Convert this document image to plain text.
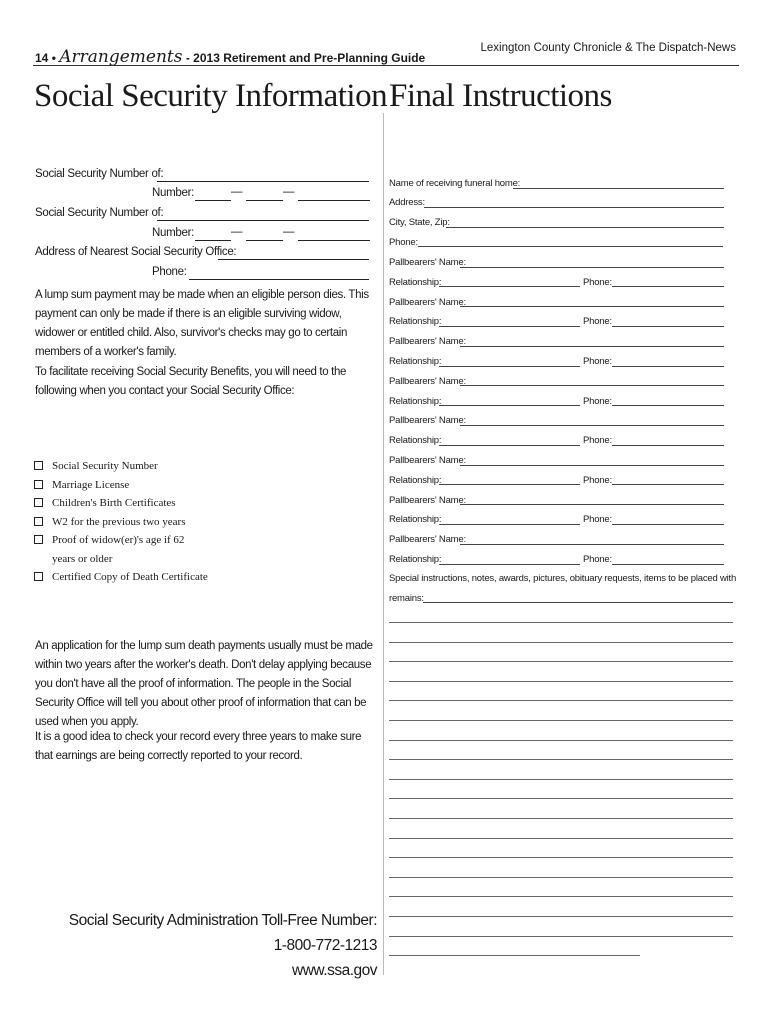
14 • Arrangements - 2013 Retirement and Pre-Planning Guide
Lexington County Chronicle & The Dispatch-News
Social Security Information Final Instructions
Social Security Number of:
Number:	—	—
Social Security Number of:
Number:	—	—
Address of Nearest Social Security Office:
Phone:
A lump sum payment may be made when an eligible person dies. This payment can only be made if there is an eligible surviving widow, widower or entitled child. Also, survivor's checks may go to certain members of a worker's family.
To facilitate receiving Social Security Benefits, you will need to the following when you contact your Social Security Office:
Social Security Number
Marriage License
Children's Birth Certificates
W2 for the previous two years
Proof of widow(er)'s age if 62
years or older
Certified Copy of Death Certificate
An application for the lump sum death payments usually must be made within two years after the worker's death. Don't delay applying because you don't have all the proof of information. The people in the Social Security Office will tell you about other proof of information that can be used when you apply.
It is a good idea to check your record every three years to make sure that earnings are being correctly reported to your record.
Social Security Administration Toll-Free Number:
1-800-772-1213
www.ssa.gov
Name of receiving funeral home:
Address:
City, State, Zip:
Phone:
Pallbearers' Name:
Relationship:	Phone:
Pallbearers' Name:
Relationship:	Phone:
Pallbearers' Name:
Relationship:	Phone:
Pallbearers' Name:
Relationship:	Phone:
Pallbearers' Name:
Relationship:	Phone:
Pallbearers' Name:
Relationship:	Phone:
Pallbearers' Name:
Relationship:	Phone:
Pallbearers' Name:
Relationship:	Phone:
Special instructions, notes, awards, pictures, obituary requests, items to be placed with
remains:
